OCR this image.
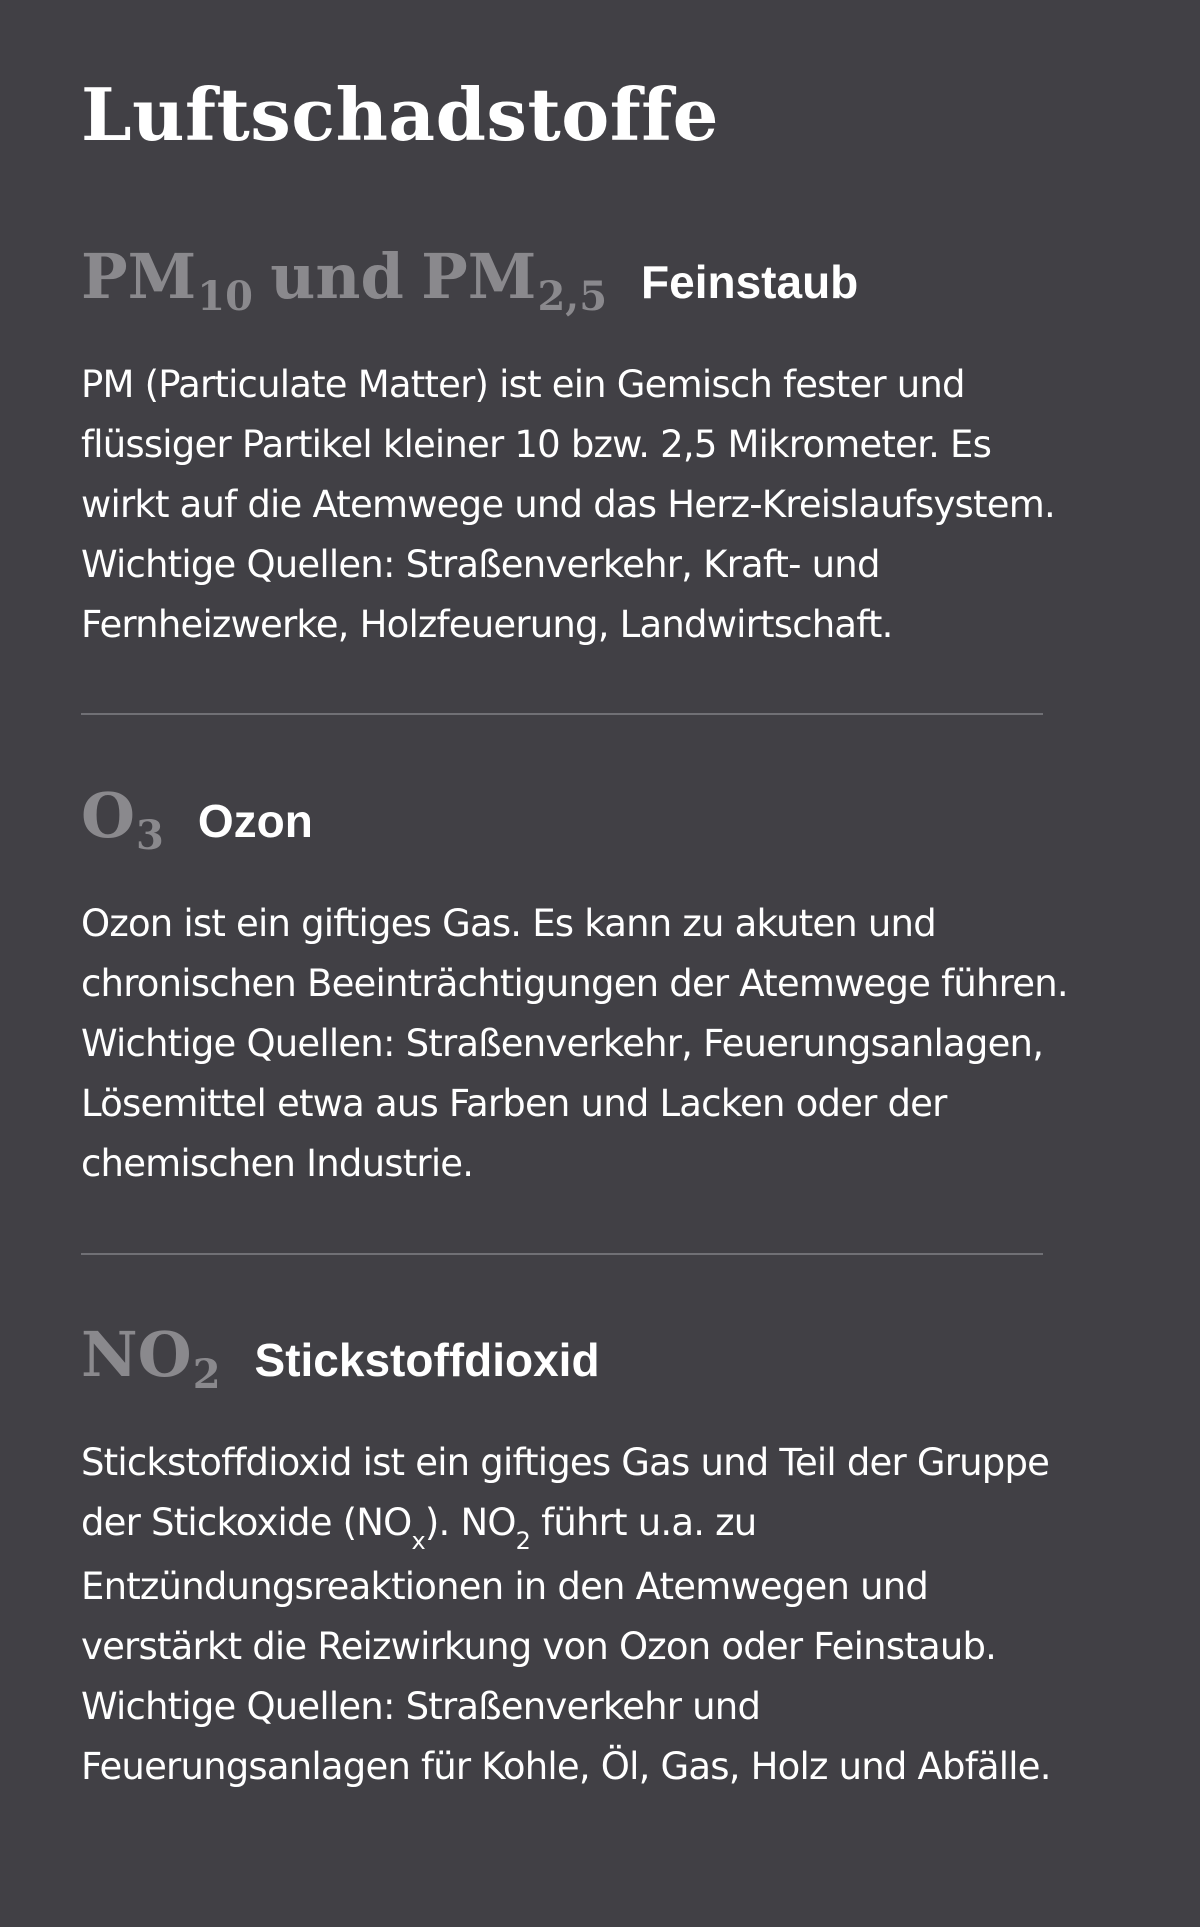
Luftschadstoffe
PM10 und PM2,5 Feinstaub
PM (Particulate Matter) ist ein Gemisch fester und
flüssiger Partikel kleiner 10 bzw. 2,5 Mikrometer. Es
wirkt auf die Atemwege und das Herz-Kreislaufsystem.
Wichtige Quellen: Straßenverkehr, Kraft- und
Fernheizwerke, Holzfeuerung, Landwirtschaft.
O3 Ozon
Ozon ist ein giftiges Gas. Es kann zu akuten und
chronischen Beeinträchtigungen der Atemwege führen.
Wichtige Quellen: Straßenverkehr, Feuerungsanlagen,
Lösemittel etwa aus Farben und Lacken oder der
chemischen Industrie.
NO2 Stickstoffdioxid
Stickstoffdioxid ist ein giftiges Gas und Teil der Gruppe
der Stickoxide $(NO_x)$. $NO_2$ führt u.a. zu
Entzündungsreaktionen in den Atemwegen und
verstärkt die Reizwirkung von Ozon oder Feinstaub.
Wichtige Quellen: Straßenverkehr und
Feuerungsanlagen für Kohle, Öl, Gas, Holz und Abfälle.
